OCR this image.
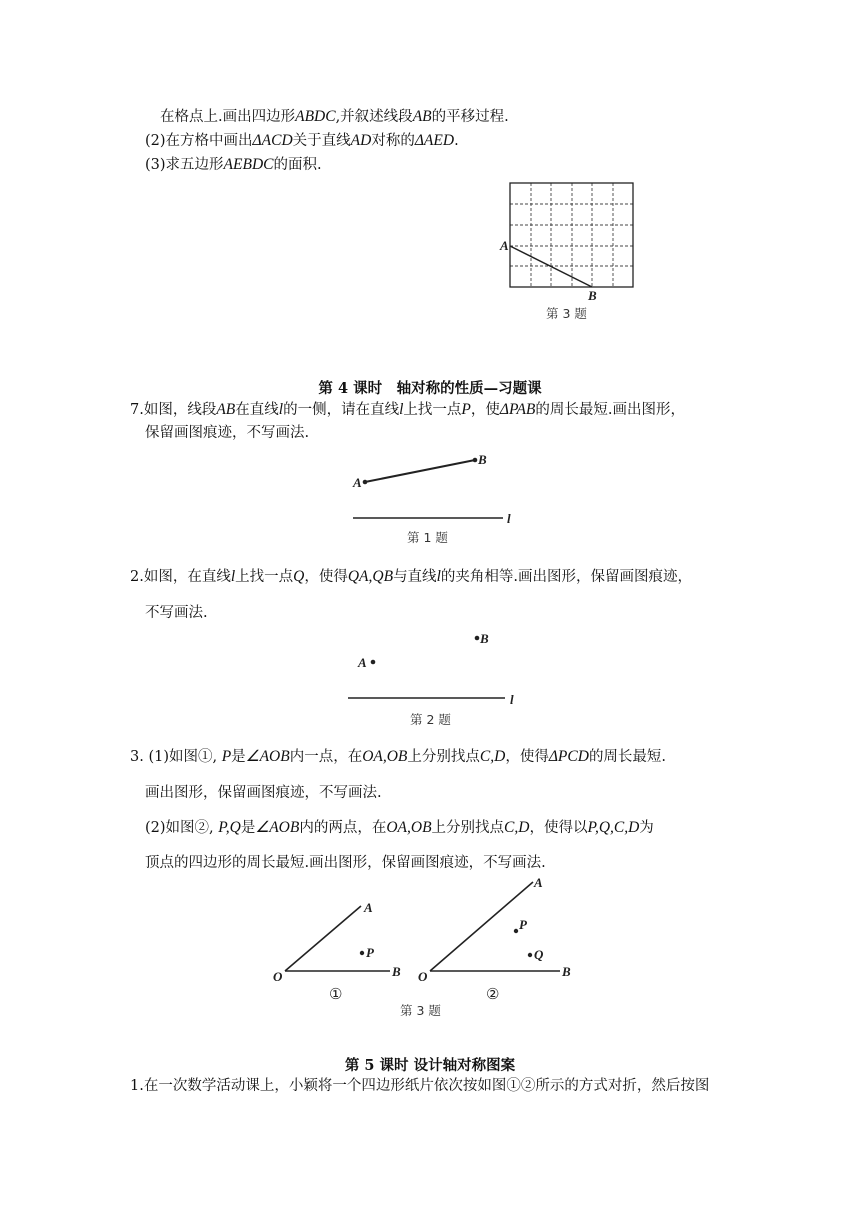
在格点上.画出四边形ABDC,并叙述线段AB的平移过程.
(2)在方格中画出ΔACD关于直线AD对称的ΔAED.
(3)求五边形AEBDC的面积.
A
B
第 3 题
第 4 课时　轴对称的性质—习题课
7.如图，线段AB在直线l的一侧，请在直线l上找一点P，使ΔPAB的周长最短.画出图形，
保留画图痕迹，不写画法.
A
B
l
第 1 题
2.如图，在直线l上找一点Q，使得QA,QB与直线l的夹角相等.画出图形，保留画图痕迹，
不写画法.
B
A
l
第 2 题
3. (1)如图①, P是∠AOB内一点，在OA,OB上分别找点C,D，使得ΔPCD的周长最短.
画出图形，保留画图痕迹，不写画法.
(2)如图②, P,Q是∠AOB内的两点，在OA,OB上分别找点C,D，使得以P,Q,C,D为
顶点的四边形的周长最短.画出图形，保留画图痕迹，不写画法.
O
A
P
B
①
O
A
P
Q
B
②
第 3 题
第 5 课时 设计轴对称图案
1.在一次数学活动课上，小颖将一个四边形纸片依次按如图①②所示的方式对折，然后按图
